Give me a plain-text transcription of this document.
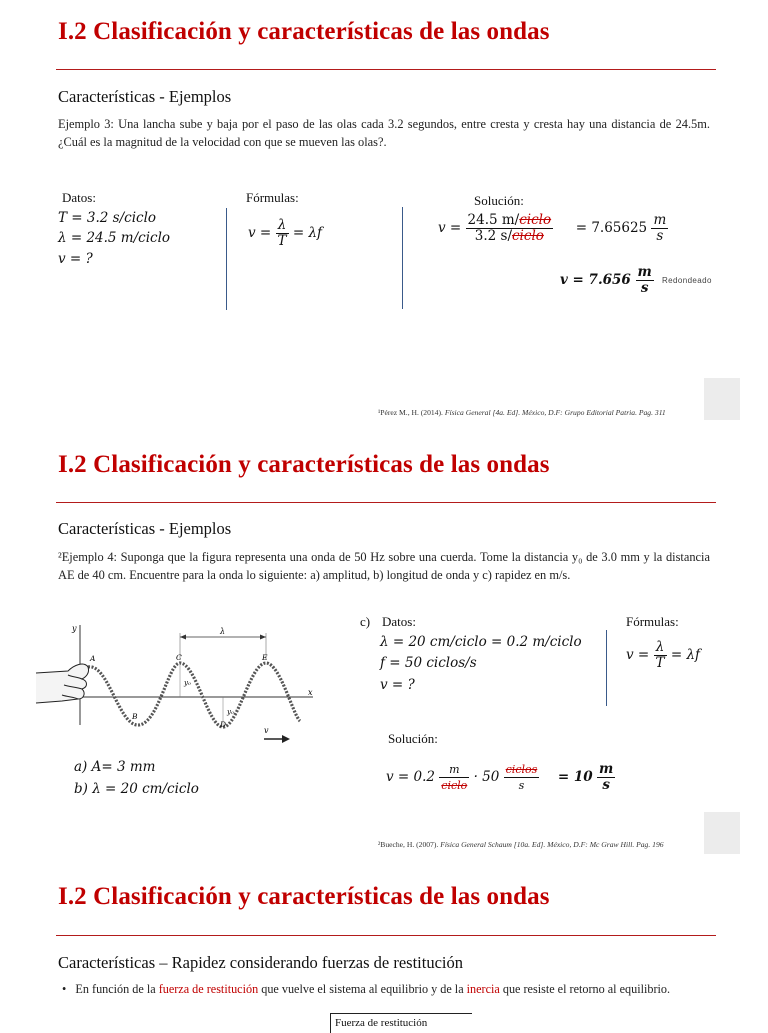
I.2 Clasificación y características de las ondas
Características - Ejemplos
Ejemplo 3: Una lancha sube y baja por el paso de las olas cada 3.2 segundos, entre cresta y cresta hay una distancia de 24.5m. ¿Cuál es la magnitud de la velocidad con que se mueven las olas?.
Datos:
T = 3.2 s/ciclo
λ = 24.5 m/ciclo
v = ?
Fórmulas:
$v = \frac{\lambda}{T} = \lambda f$
Solución:
$v = \frac{\text{24.5 m/ciclo}}{\text{3.2 s/ciclo}} = 7.65625 \frac{m}{s}$
$v = 7.656 \frac{m}{s}$ Redondeado
¹Pérez M., H. (2014). Física General [4a. Ed]. México, D.F: Grupo Editorial Patria. Pag. 311
I.2 Clasificación y características de las ondas
Características - Ejemplos
²Ejemplo 4: Suponga que la figura representa una onda de 50 Hz sobre una cuerda. Tome la distancia y₀ de 3.0 mm y la distancia AE de 40 cm. Encuentre para la onda lo siguiente: a) amplitud, b) longitud de onda y c) rapidez en m/s.
y
x
λ
y₀
y₀
A
B
C
D
E
v
a) A= 3 mm
b) λ = 20 cm/ciclo
c) Datos:
λ = 20 cm/ciclo = 0.2 m/ciclo
f = 50 ciclos/s
v = ?
Fórmulas:
$v = \frac{\lambda}{T} = \lambda f$
Solución:
$v = 0.2 \frac{m}{\text{ciclo}} \cdot 50 \frac{\text{ciclos}}{s} = 10 \frac{m}{s}$
²Bueche, H. (2007). Física General Schaum [10a. Ed]. México, D.F: Mc Graw Hill. Pag. 196
I.2 Clasificación y características de las ondas
Características – Rapidez considerando fuerzas de restitución
•   En función de la fuerza de restitución que vuelve el sistema al equilibrio y de la inercia que resiste el retorno al equilibrio.
Fuerza de restitución
